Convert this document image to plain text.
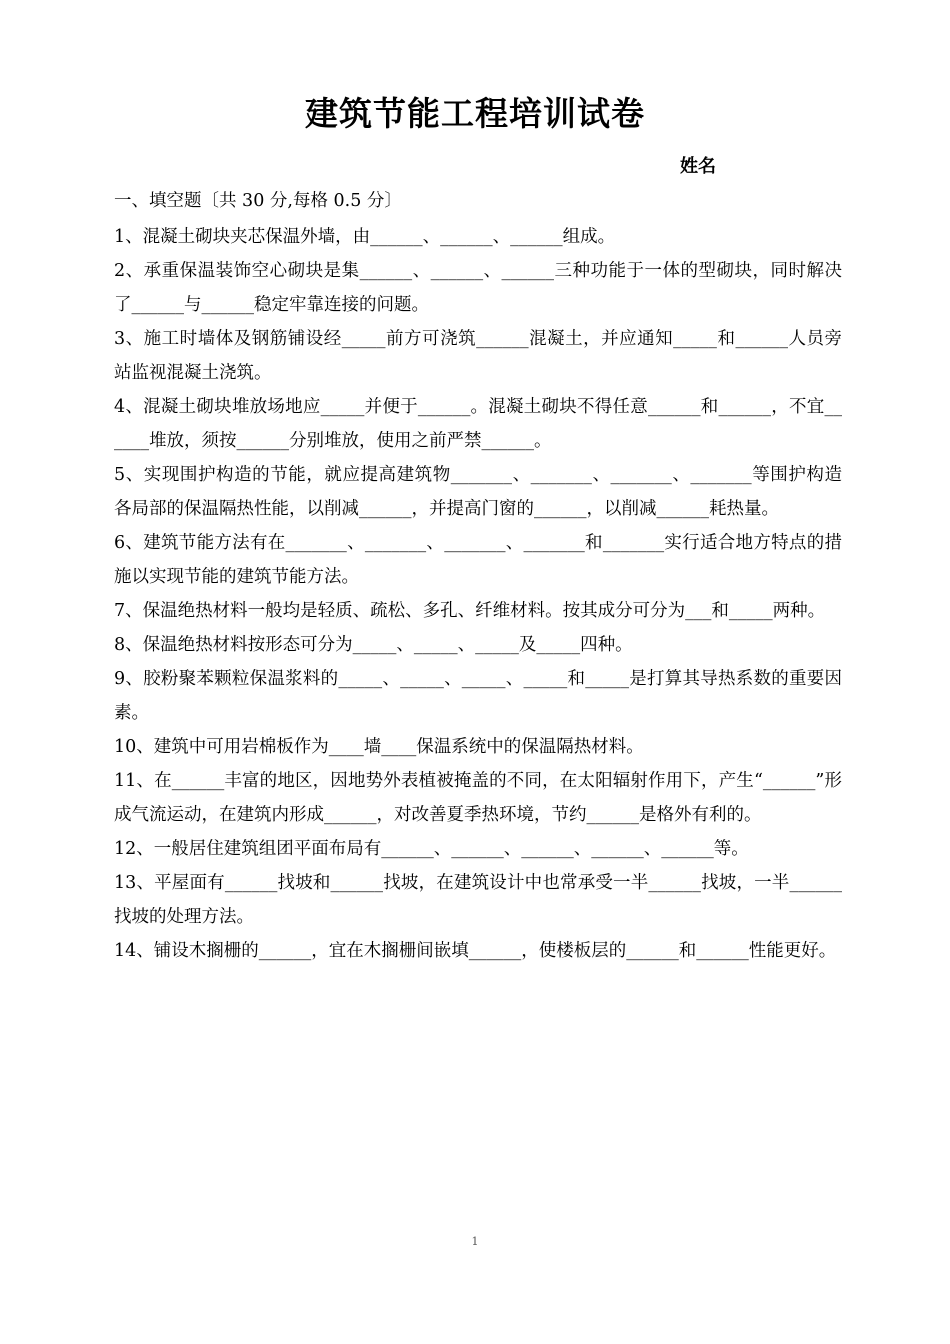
建筑节能工程培训试卷
姓名

一、填空题〔共 30 分,每格 0.5 分〕

1、混凝土砌块夹芯保温外墙，由______、______、______组成。

2、承重保温装饰空心砌块是集______、______、______三种功能于一体的型砌块，同时解决了______与______稳定牢靠连接的问题。

3、施工时墙体及钢筋铺设经_____前方可浇筑______混凝土，并应通知_____和______人员旁站监视混凝土浇筑。

4、混凝土砌块堆放场地应_____并便于______。混凝土砌块不得任意______和______，不宜______堆放，须按______分别堆放，使用之前严禁______。

5、实现围护构造的节能，就应提高建筑物_______、_______、_______、_______等围护构造各局部的保温隔热性能，以削减______，并提高门窗的______，以削减______耗热量。

6、建筑节能方法有在_______、_______、_______、_______和_______实行适合地方特点的措施以实现节能的建筑节能方法。

7、保温绝热材料一般均是轻质、疏松、多孔、纤维材料。按其成分可分为___和_____两种。

8、保温绝热材料按形态可分为_____、_____、_____及_____四种。

9、胶粉聚苯颗粒保温浆料的_____、_____、_____、_____和_____是打算其导热系数的重要因素。

10、建筑中可用岩棉板作为____墙____保温系统中的保温隔热材料。

11、在______丰富的地区，因地势外表植被掩盖的不同，在太阳辐射作用下，产生“______”形成气流运动，在建筑内形成______，对改善夏季热环境，节约______是格外有利的。

12、一般居住建筑组团平面布局有______、______、______、______、______等。

13、平屋面有______找坡和______找坡，在建筑设计中也常承受一半______找坡，一半______找坡的处理方法。

14、铺设木搁栅的______，宜在木搁栅间嵌填______，使楼板层的______和______性能更好。

1
